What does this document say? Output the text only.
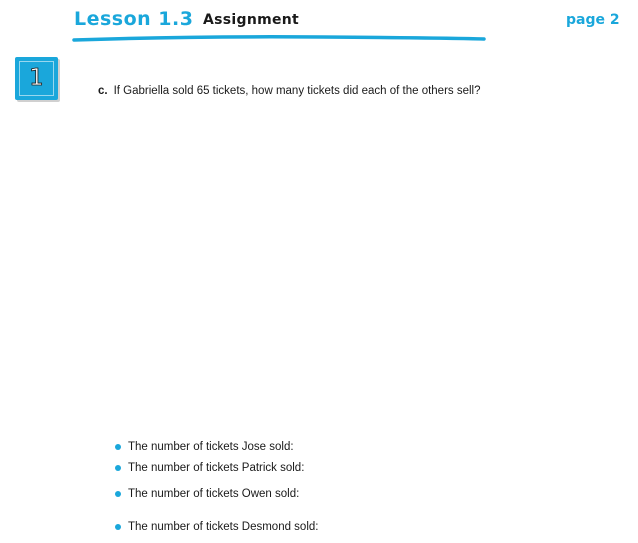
Lesson 1.3 Assignment	page 2
1	c. If Gabriella sold 65 tickets, how many tickets did each of the others sell?
The number of tickets Jose sold:
The number of tickets Patrick sold:
The number of tickets Owen sold:
The number of tickets Desmond sold:
